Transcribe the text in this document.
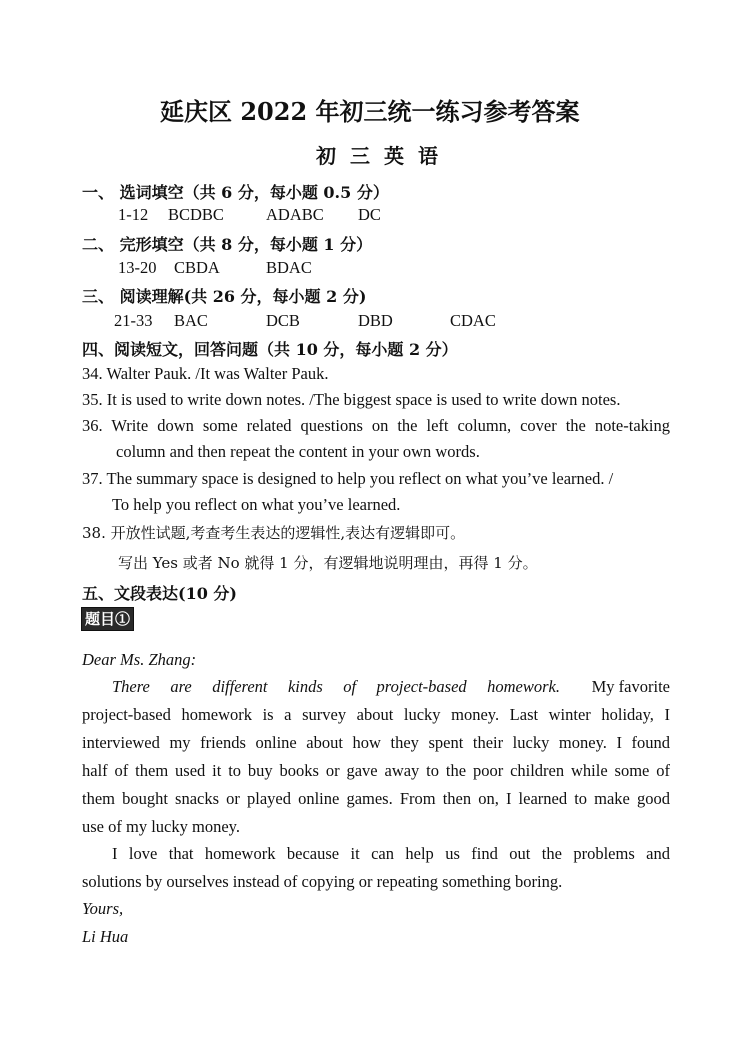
延庆区 2022 年初三统一练习参考答案
初三英语
一、 选词填空（共 6 分，每小题 0.5 分）
1-12 BCDBC	ADABC DC
二、 完形填空（共 8 分，每小题 1 分）
13-20 CBDA	BDAC
三、 阅读理解(共 26 分，每小题 2 分)
21-33 BAC	DCB	DBD	CDAC
四、阅读短文，回答问题（共 10 分，每小题 2 分）
34. Walter Pauk. /It was Walter Pauk.
35. It is used to write down notes. /The biggest space is used to write down notes.
36. Write down some related questions on the left column, cover the note-taking
column and then repeat the content in your own words.
37. The summary space is designed to help you reflect on what you’ve learned. /
To help you reflect on what you’ve learned.
38. 开放性试题,考查考生表达的逻辑性,表达有逻辑即可。
写出 Yes 或者 No 就得 1 分，有逻辑地说明理由，再得 1 分。
五、文段表达(10 分)
题目①
Dear Ms. Zhang:
There are different kinds of project-based homework. My favorite
project-based homework is a survey about lucky money. Last winter holiday, I
interviewed my friends online about how they spent their lucky money. I found
half of them used it to buy books or gave away to the poor children while some of
them bought snacks or played online games. From then on, I learned to make good
use of my lucky money.
I love that homework because it can help us find out the problems and
solutions by ourselves instead of copying or repeating something boring.
Yours,
Li Hua
